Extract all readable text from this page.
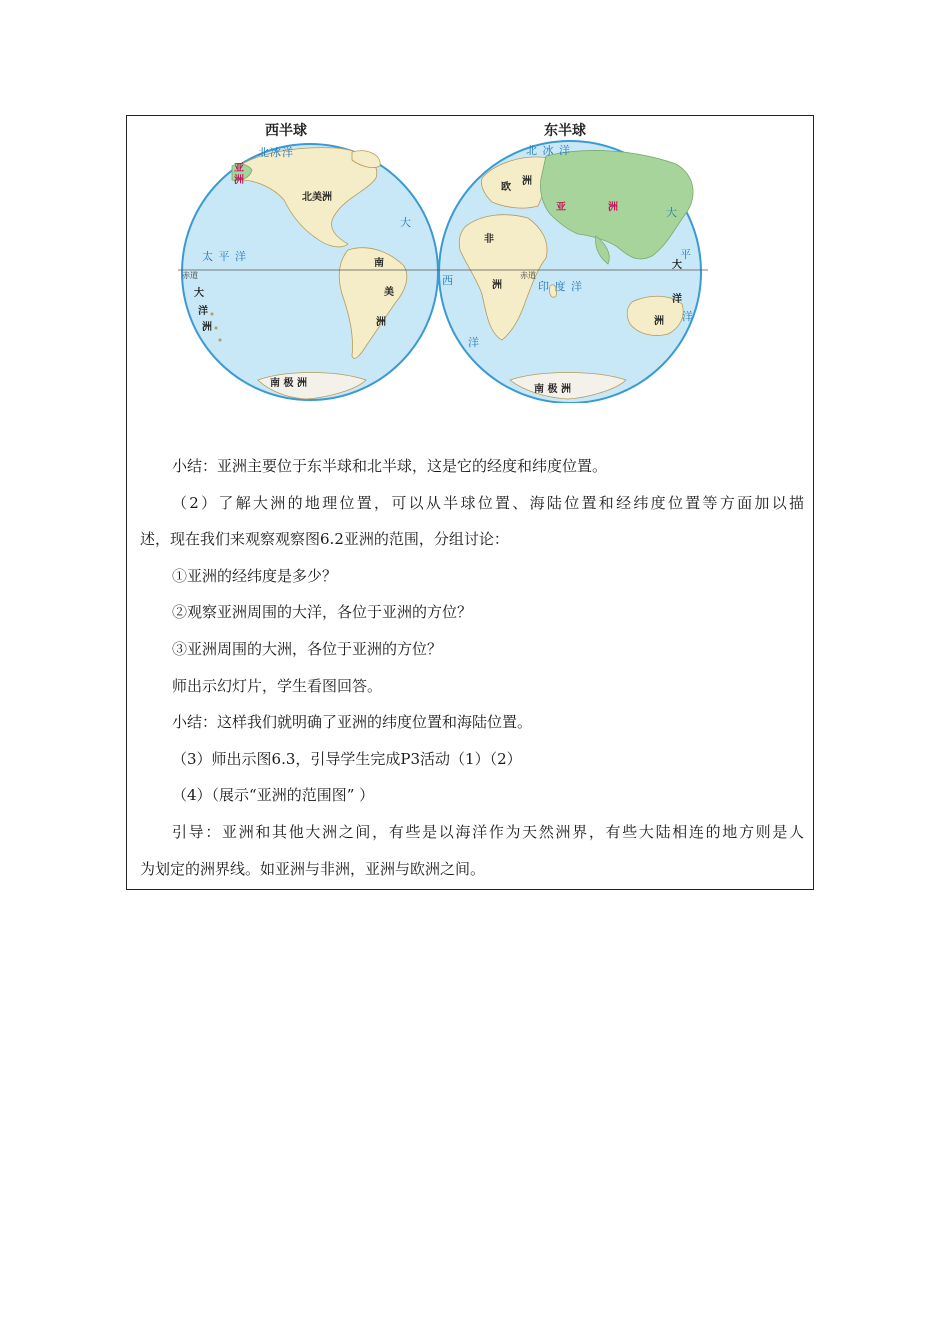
西半球	东半球
北冰洋
亚
洲
北美洲
大
太 平 洋
赤道
大
洋
洲
南
美
洲
南 极 洲
北 冰 洋
欧
洲
亚	洲
非
洲
赤道
印 度 洋
西
洋
大
平
大
洋
洋
洲
南 极 洲

小结：亚洲主要位于东半球和北半球，这是它的经度和纬度位置。

（2）了解大洲的地理位置，可以从半球位置、海陆位置和经纬度位置等方面加以描

述，现在我们来观察观察图6.2亚洲的范围，分组讨论：

①亚洲的经纬度是多少？

②观察亚洲周围的大洋，各位于亚洲的方位？

③亚洲周围的大洲，各位于亚洲的方位？

师出示幻灯片，学生看图回答。

小结：这样我们就明确了亚洲的纬度位置和海陆位置。

（3）师出示图6.3，引导学生完成P3活动（1）（2）

（4）（展示“亚洲的范围图” ）

引导：亚洲和其他大洲之间，有些是以海洋作为天然洲界，有些大陆相连的地方则是人

为划定的洲界线。如亚洲与非洲，亚洲与欧洲之间。
